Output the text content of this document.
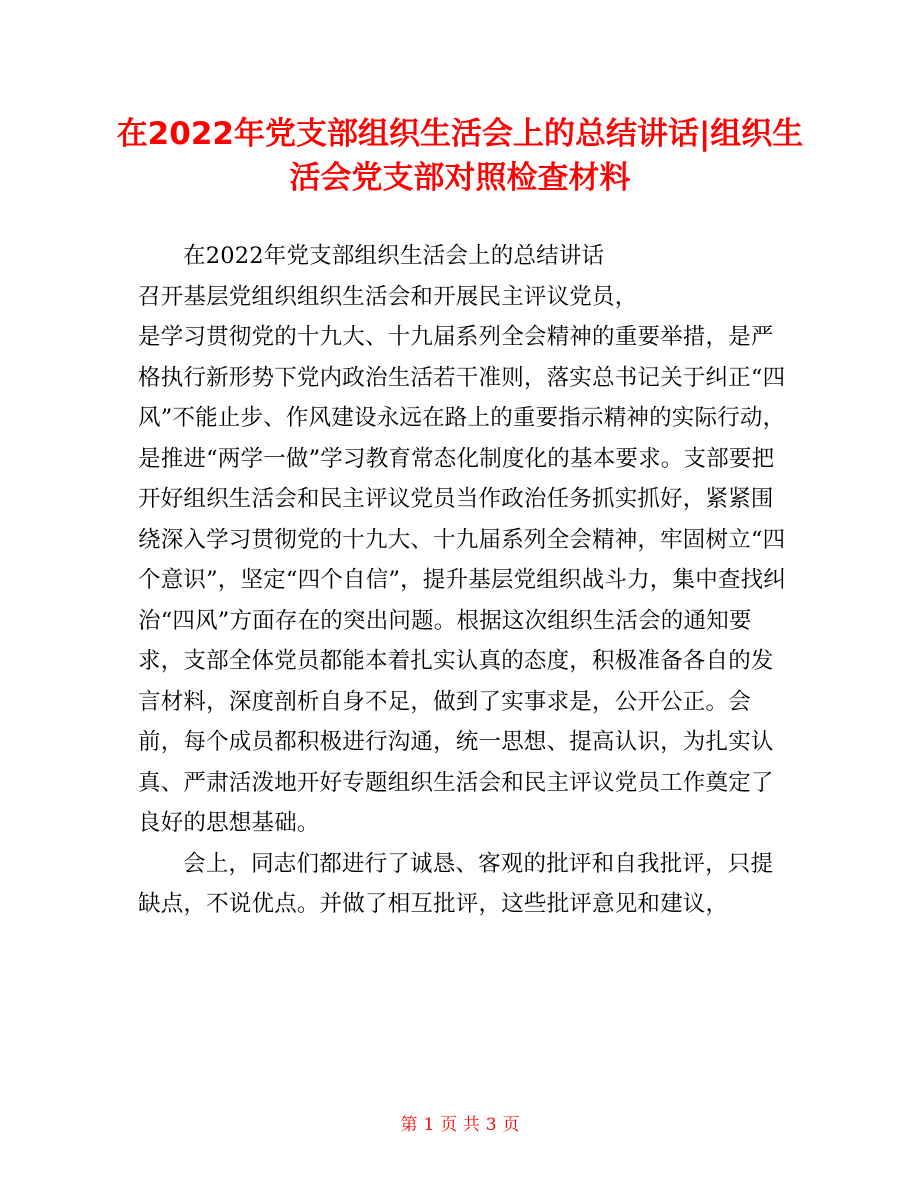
在2022年党支部组织生活会上的总结讲话|组织生活会党支部对照检查材料

在2022年党支部组织生活会上的总结讲话

召开基层党组织组织生活会和开展民主评议党员，

是学习贯彻党的十九大、十九届系列全会精神的重要举措，是严格执行新形势下党内政治生活若干准则，落实总书记关于纠正“四风”不能止步、作风建设永远在路上的重要指示精神的实际行动，是推进“两学一做”学习教育常态化制度化的基本要求。支部要把开好组织生活会和民主评议党员当作政治任务抓实抓好，紧紧围绕深入学习贯彻党的十九大、十九届系列全会精神，牢固树立“四个意识”，坚定“四个自信”，提升基层党组织战斗力，集中查找纠治“四风”方面存在的突出问题。根据这次组织生活会的通知要求，支部全体党员都能本着扎实认真的态度，积极准备各自的发言材料，深度剖析自身不足，做到了实事求是，公开公正。会前，每个成员都积极进行沟通，统一思想、提高认识，为扎实认真、严肃活泼地开好专题组织生活会和民主评议党员工作奠定了良好的思想基础。

会上，同志们都进行了诚恳、客观的批评和自我批评，只提缺点，不说优点。并做了相互批评，这些批评意见和建议，

第 1 页 共 3 页
